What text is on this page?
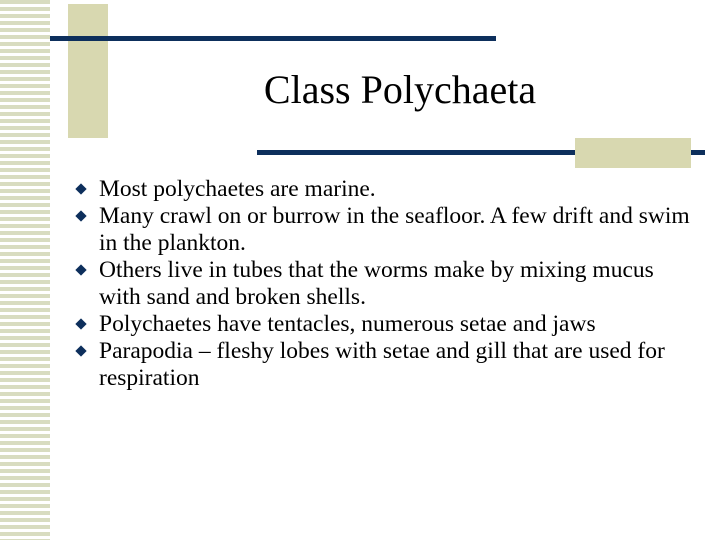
Class Polychaeta
Most polychaetes are marine.
Many crawl on or burrow in the seafloor. A few drift and swim in the plankton.
Others live in tubes that the worms make by mixing mucus with sand and broken shells.
Polychaetes have tentacles, numerous setae and jaws
Parapodia – fleshy lobes with setae and gill that are used for respiration
